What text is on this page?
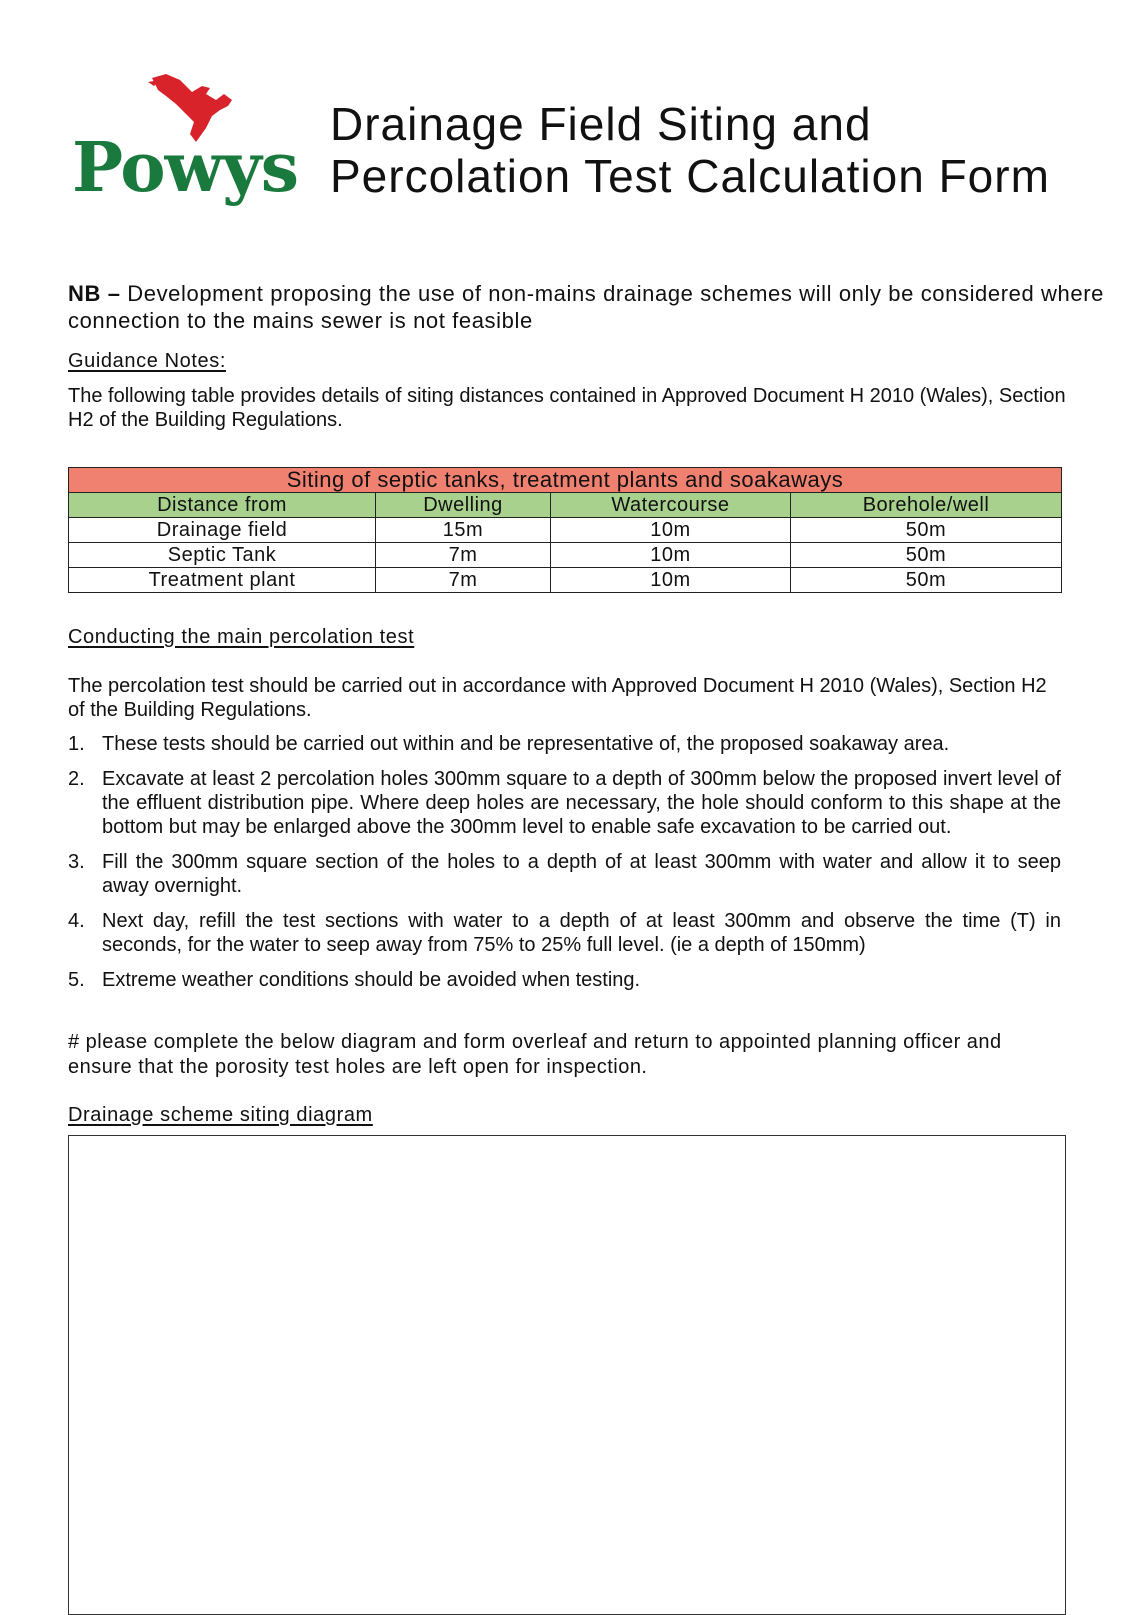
Powys
Drainage Field Siting and Percolation Test Calculation Form
NB – Development proposing the use of non-mains drainage schemes will only be considered where connection to the mains sewer is not feasible
Guidance Notes:
The following table provides details of siting distances contained in Approved Document H 2010 (Wales), Section H2 of the Building Regulations.
Siting of septic tanks, treatment plants and soakaways			
Distance from	Dwelling	Watercourse	Borehole/well
Drainage field	15m	10m	50m
Septic Tank	7m	10m	50m
Treatment plant	7m	10m	50m
Conducting the main percolation test
The percolation test should be carried out in accordance with Approved Document H 2010 (Wales), Section H2 of the Building Regulations.
1. These tests should be carried out within and be representative of, the proposed soakaway area.
2. Excavate at least 2 percolation holes 300mm square to a depth of 300mm below the proposed invert level of the effluent distribution pipe. Where deep holes are necessary, the hole should conform to this shape at the bottom but may be enlarged above the 300mm level to enable safe excavation to be carried out.
3. Fill the 300mm square section of the holes to a depth of at least 300mm with water and allow it to seep away overnight.
4. Next day, refill the test sections with water to a depth of at least 300mm and observe the time (T) in seconds, for the water to seep away from 75% to 25% full level. (ie a depth of 150mm)
5. Extreme weather conditions should be avoided when testing.
# please complete the below diagram and form overleaf and return to appointed planning officer and ensure that the porosity test holes are left open for inspection.
Drainage scheme siting diagram
